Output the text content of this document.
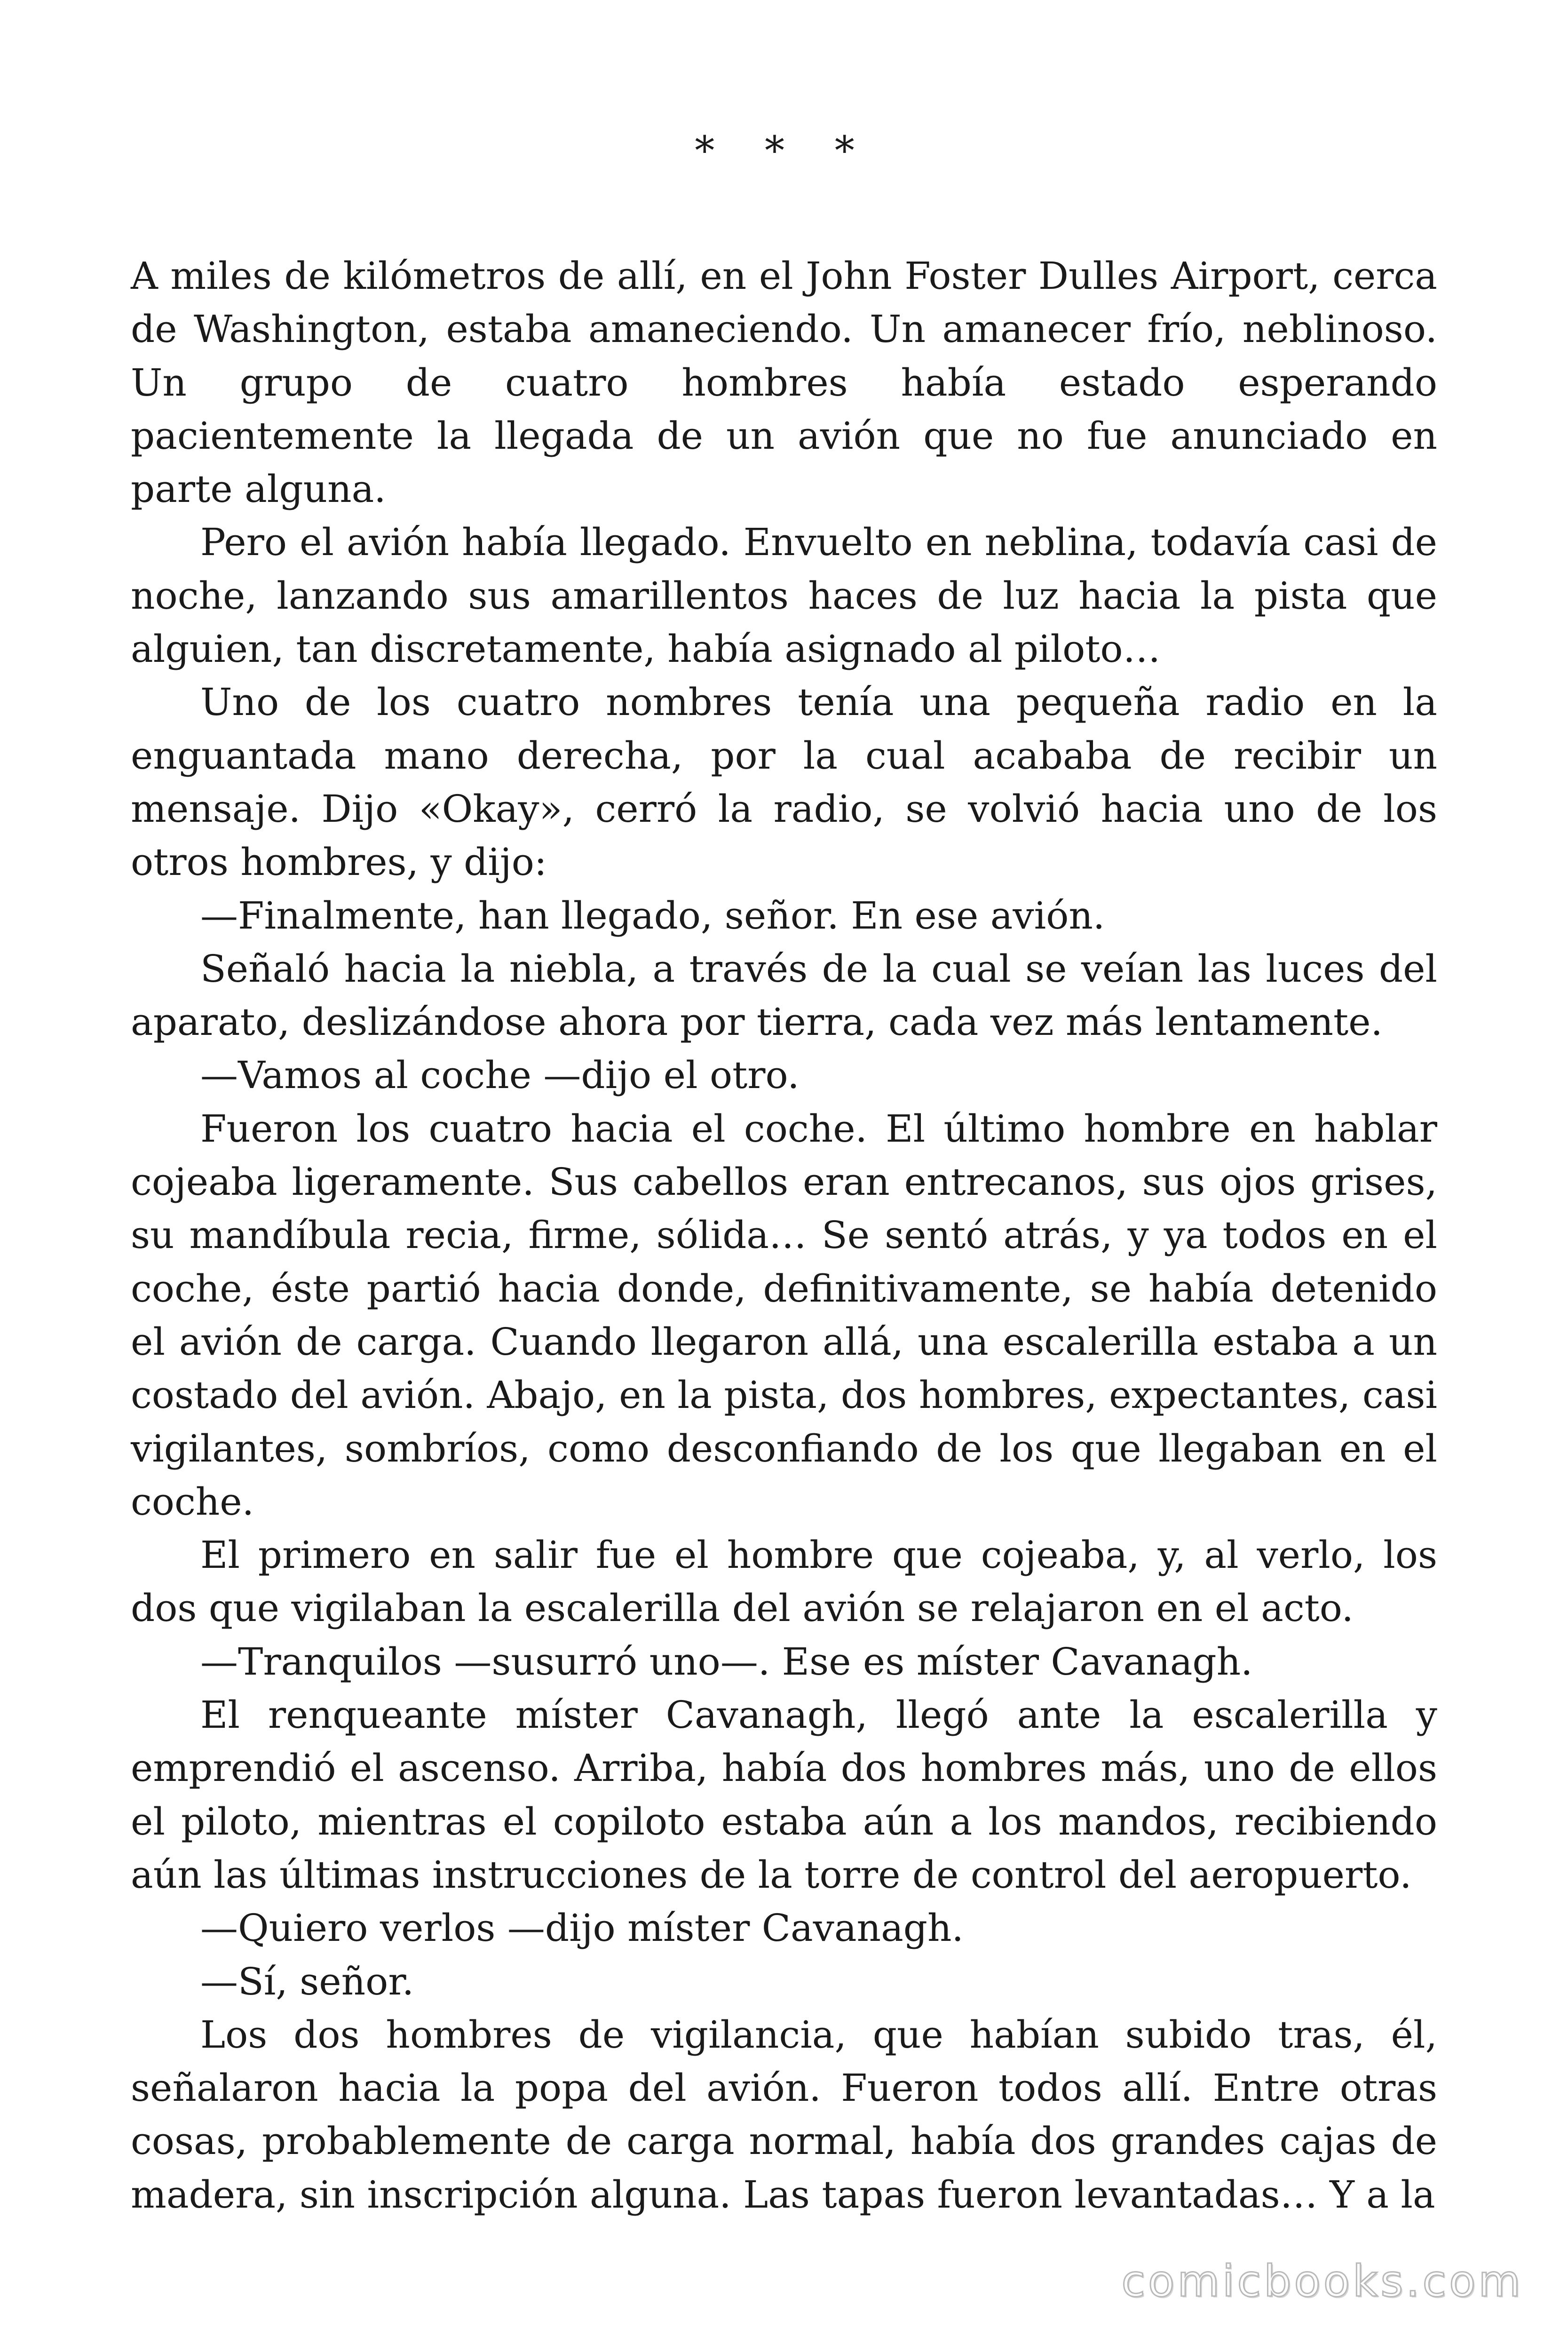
* * *

A miles de kilómetros de allí, en el John Foster Dulles Airport, cerca de Washington, estaba amaneciendo. Un amanecer frío, neblinoso. Un grupo de cuatro hombres había estado esperando pacientemente la llegada de un avión que no fue anunciado en parte alguna.

Pero el avión había llegado. Envuelto en neblina, todavía casi de noche, lanzando sus amarillentos haces de luz hacia la pista que alguien, tan discretamente, había asignado al piloto…

Uno de los cuatro nombres tenía una pequeña radio en la enguantada mano derecha, por la cual acababa de recibir un mensaje. Dijo «Okay», cerró la radio, se volvió hacia uno de los otros hombres, y dijo:

—Finalmente, han llegado, señor. En ese avión.

Señaló hacia la niebla, a través de la cual se veían las luces del aparato, deslizándose ahora por tierra, cada vez más lentamente.

—Vamos al coche —dijo el otro.

Fueron los cuatro hacia el coche. El último hombre en hablar cojeaba ligeramente. Sus cabellos eran entrecanos, sus ojos grises, su mandíbula recia, firme, sólida… Se sentó atrás, y ya todos en el coche, éste partió hacia donde, definitivamente, se había detenido el avión de carga. Cuando llegaron allá, una escalerilla estaba a un costado del avión. Abajo, en la pista, dos hombres, expectantes, casi vigilantes, sombríos, como desconfiando de los que llegaban en el coche.

El primero en salir fue el hombre que cojeaba, y, al verlo, los dos que vigilaban la escalerilla del avión se relajaron en el acto.

—Tranquilos —susurró uno—. Ese es míster Cavanagh.

El renqueante míster Cavanagh, llegó ante la escalerilla y emprendió el ascenso. Arriba, había dos hombres más, uno de ellos el piloto, mientras el copiloto estaba aún a los mandos, recibiendo aún las últimas instrucciones de la torre de control del aeropuerto.

—Quiero verlos —dijo míster Cavanagh.

—Sí, señor.

Los dos hombres de vigilancia, que habían subido tras, él, señalaron hacia la popa del avión. Fueron todos allí. Entre otras cosas, probablemente de carga normal, había dos grandes cajas de madera, sin inscripción alguna. Las tapas fueron levantadas… Y a la

comicbooks.com
